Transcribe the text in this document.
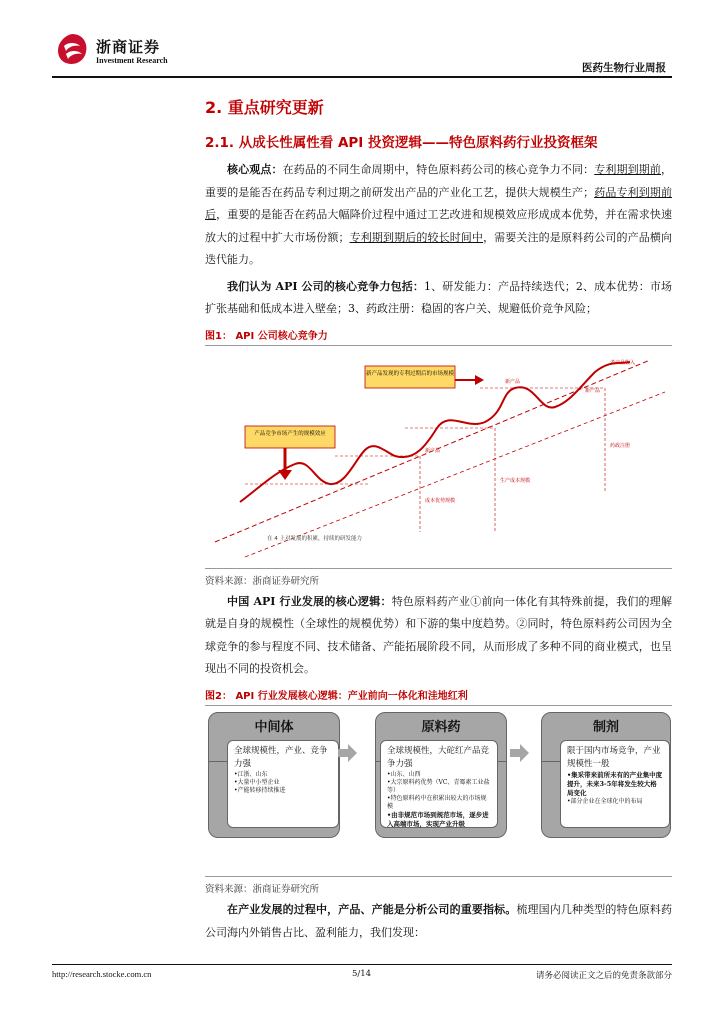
浙商证券
Investment Research
医药生物行业周报
2. 重点研究更新
2.1. 从成长性属性看 API 投资逻辑——特色原料药行业投资框架

核心观点：在药品的不同生命周期中，特色原料药公司的核心竞争力不同：专利期到期前，重要的是能否在药品专利过期之前研发出产品的产业化工艺，提供大规模生产；药品专利到期前后，重要的是能否在药品大幅降价过程中通过工艺改进和规模效应形成成本优势，并在需求快速放大的过程中扩大市场份额；专利期到期后的较长时间中，需要关注的是原料药公司的产品横向迭代能力。

我们认为 API 公司的核心竞争力包括：1、研发能力：产品持续迭代；2、成本优势：市场扩张基础和低成本进入壁垒；3、药政注册：稳固的客户关、规避低价竞争风险；

图1： API 公司核心竞争力
产品竞争市场产生的规模效应
新产品发现的专利过期后的市场规模
新产品
新产品
成本优势规模
生产成本规模
药政注册
老产品收入
新产品
在 4 上对发展的积累，持续的研发能力
资料来源：浙商证券研究所

中国 API 行业发展的核心逻辑：特色原料药产业①前向一体化有其特殊前提，我们的理解就是自身的规模性（全球性的规模优势）和下游的集中度趋势。②同时，特色原料药公司因为全球竞争的参与程度不同、技术储备、产能拓展阶段不同，从而形成了多种不同的商业模式，也呈现出不同的投资机会。

图2： API 行业发展核心逻辑：产业前向一体化和洼地红利
中间体
全球规模性，产业、竞争力强
•江浙、山东
•大量中小型企业
•产能转移持续推进
原料药
全球规模性，大砣红产品竞争力强
•山东、山西
•大宗原料药优势（VC、青霉素工业盐等）
•特色原料药中在积累出较大的市场规模
•由非规范市场到规范市场，逐步进入高端市场，实现产业升级
制剂
限于国内市场竞争，产业规模性一般
•集采带来前所未有的产业集中度提升，未来3-5年将发生较大格局变化
•部分企业在全球化中的布局
资料来源：浙商证券研究所

在产业发展的过程中，产品、产能是分析公司的重要指标。梳理国内几种类型的特色原料药公司海内外销售占比、盈利能力，我们发现：

http://research.stocke.com.cn	5/14	请务必阅读正文之后的免责条款部分
